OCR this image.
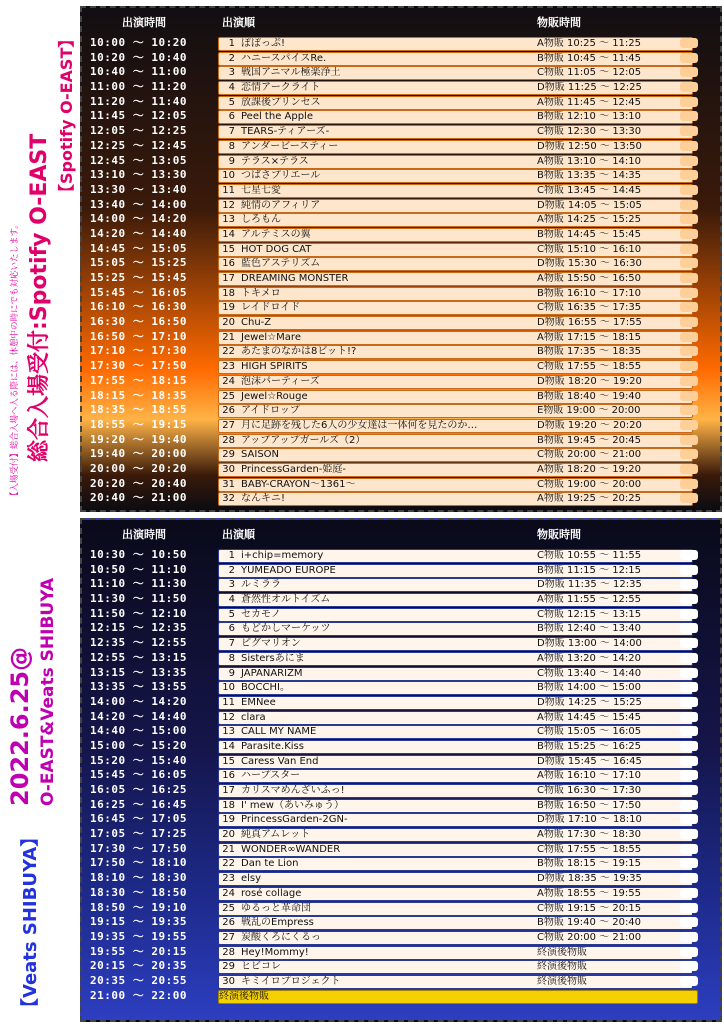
【入場受付】総合入場へ入る際には、休憩中の時にでも対応いたします。 総合入場受付:Spotify O-EAST
【Spotify O-EAST】
2022.6.25@ O-EAST&Veats SHIBUYA
【Veats SHIBUYA】
出演時間	出演順	物販時間
10:00 ～ 10:20	1 ぽぽっぷ!	A物販 10:25 ～ 11:25
10:20 ～ 10:40	2 ハニースパイスRe.	B物販 10:45 ～ 11:45
10:40 ～ 11:00	3 戦国アニマル極楽浄土	C物販 11:05 ～ 12:05
11:00 ～ 11:20	4 恋情アークライト	D物販 11:25 ～ 12:25
11:20 ～ 11:40	5 放課後プリンセス	A物販 11:45 ～ 12:45
11:45 ～ 12:05	6 Peel the Apple	B物販 12:10 ～ 13:10
12:05 ～ 12:25	7 TEARS-ティアーズ-	C物販 12:30 ～ 13:30
12:25 ～ 12:45	8 アンダービースティー	D物販 12:50 ～ 13:50
12:45 ～ 13:05	9 テラス×テラス	A物販 13:10 ～ 14:10
13:10 ～ 13:30	10 つばさプリエール	B物販 13:35 ～ 14:35
13:30 ～ 13:40	11 七星七愛	C物販 13:45 ～ 14:45
13:40 ～ 14:00	12 純情のアフィリア	D物販 14:05 ～ 15:05
14:00 ～ 14:20	13 しろもん	A物販 14:25 ～ 15:25
14:20 ～ 14:40	14 アルテミスの翼	B物販 14:45 ～ 15:45
14:45 ～ 15:05	15 HOT DOG CAT	C物販 15:10 ～ 16:10
15:05 ～ 15:25	16 藍色アステリズム	D物販 15:30 ～ 16:30
15:25 ～ 15:45	17 DREAMING MONSTER	A物販 15:50 ～ 16:50
15:45 ～ 16:05	18 トキメロ	B物販 16:10 ～ 17:10
16:10 ～ 16:30	19 レイドロイド	C物販 16:35 ～ 17:35
16:30 ～ 16:50	20 Chu-Z	D物販 16:55 ～ 17:55
16:50 ～ 17:10	21 Jewel☆Mare	A物販 17:15 ～ 18:15
17:10 ～ 17:30	22 あたまのなかは8ビット!?	B物販 17:35 ～ 18:35
17:30 ～ 17:50	23 HIGH SPIRITS	C物販 17:55 ～ 18:55
17:55 ～ 18:15	24 泡沫パーティーズ	D物販 18:20 ～ 19:20
18:15 ～ 18:35	25 Jewel☆Rouge	B物販 18:40 ～ 19:40
18:35 ～ 18:55	26 アイドロップ	E物販 19:00 ～ 20:00
18:55 ～ 19:15	27 月に足跡を残した6人の少女達は一体何を見たのか…	D物販 19:20 ～ 20:20
19:20 ～ 19:40	28 アップアップガールズ（2）	B物販 19:45 ～ 20:45
19:40 ～ 20:00	29 SAISON	C物販 20:00 ～ 21:00
20:00 ～ 20:20	30 PrincessGarden-姫庭-	A物販 18:20 ～ 19:20
20:20 ～ 20:40	31 BABY-CRAYON～1361～	C物販 19:00 ～ 20:00
20:40 ～ 21:00	32 なんキニ!	A物販 19:25 ～ 20:25
出演時間	出演順	物販時間
10:30 ～ 10:50	1 i+chip=memory	C物販 10:55 ～ 11:55
10:50 ～ 11:10	2 YUMEADO EUROPE	B物販 11:15 ～ 12:15
11:10 ～ 11:30	3 ルミララ	D物販 11:35 ～ 12:35
11:30 ～ 11:50	4 蒼然性オルトイズム	A物販 11:55 ～ 12:55
11:50 ～ 12:10	5 セカモノ	C物販 12:15 ～ 13:15
12:15 ～ 12:35	6 もどかしマーケッツ	B物販 12:40 ～ 13:40
12:35 ～ 12:55	7 ピグマリオン	D物販 13:00 ～ 14:00
12:55 ～ 13:15	8 Sistersあにま	A物販 13:20 ～ 14:20
13:15 ～ 13:35	9 JAPANARIZM	C物販 13:40 ～ 14:40
13:35 ～ 13:55	10 BOCCHI。	B物販 14:00 ～ 15:00
14:00 ～ 14:20	11 EMNee	D物販 14:25 ～ 15:25
14:20 ～ 14:40	12 clara	A物販 14:45 ～ 15:45
14:40 ～ 15:00	13 CALL MY NAME	C物販 15:05 ～ 16:05
15:00 ～ 15:20	14 Parasite.Kiss	B物販 15:25 ～ 16:25
15:20 ～ 15:40	15 Caress Van End	D物販 15:45 ～ 16:45
15:45 ～ 16:05	16 ハープスター	A物販 16:10 ～ 17:10
16:05 ～ 16:25	17 カリスマめんざいふっ!	C物販 16:30 ～ 17:30
16:25 ～ 16:45	18 I' mew（あいみゅう）	B物販 16:50 ～ 17:50
16:45 ～ 17:05	19 PrincessGarden-2GN-	D物販 17:10 ～ 18:10
17:05 ～ 17:25	20 純真アムレット	A物販 17:30 ～ 18:30
17:30 ～ 17:50	21 WONDER∞WANDER	C物販 17:55 ～ 18:55
17:50 ～ 18:10	22 Dan te Lion	B物販 18:15 ～ 19:15
18:10 ～ 18:30	23 elsy	D物販 18:35 ～ 19:35
18:30 ～ 18:50	24 rosé collage	A物販 18:55 ～ 19:55
18:50 ～ 19:10	25 ゆるっと革命団	C物販 19:15 ～ 20:15
19:15 ～ 19:35	26 戦乱のEmpress	B物販 19:40 ～ 20:40
19:35 ～ 19:55	27 炭酸くろにくるっ	C物販 20:00 ～ 21:00
19:55 ～ 20:15	28 Hey!Mommy!	終演後物販
20:15 ～ 20:35	29 ヒビコレ	終演後物販
20:35 ～ 20:55	30 キミイロプロジェクト	終演後物販
21:00 ～ 22:00	終演後物販
